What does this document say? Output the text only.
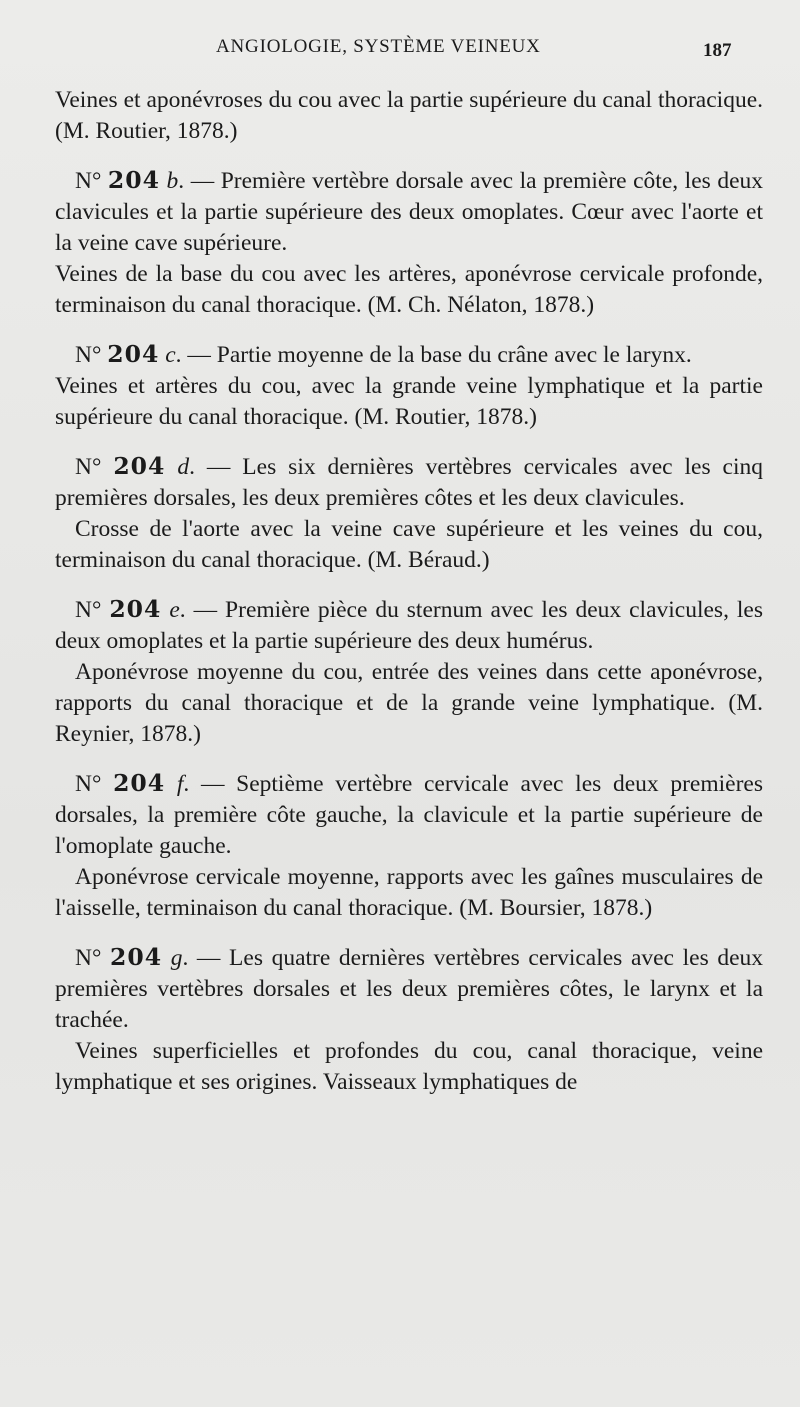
ANGIOLOGIE, SYSTÈME VEINEUX	187

Veines et aponévroses du cou avec la partie supérieure du canal thoracique. (M. Routier, 1878.)

N° 204 b. — Première vertèbre dorsale avec la première côte, les deux clavicules et la partie supérieure des deux omoplates. Cœur avec l'aorte et la veine cave supérieure.

Veines de la base du cou avec les artères, aponévrose cervicale profonde, terminaison du canal thoracique. (M. Ch. Nélaton, 1878.)

N° 204 c. — Partie moyenne de la base du crâne avec le larynx.

Veines et artères du cou, avec la grande veine lymphatique et la partie supérieure du canal thoracique. (M. Routier, 1878.)

N° 204 d. — Les six dernières vertèbres cervicales avec les cinq premières dorsales, les deux premières côtes et les deux clavicules.

Crosse de l'aorte avec la veine cave supérieure et les veines du cou, terminaison du canal thoracique. (M. Béraud.)

N° 204 e. — Première pièce du sternum avec les deux clavicules, les deux omoplates et la partie supérieure des deux humérus.

Aponévrose moyenne du cou, entrée des veines dans cette aponévrose, rapports du canal thoracique et de la grande veine lymphatique. (M. Reynier, 1878.)

N° 204 f. — Septième vertèbre cervicale avec les deux premières dorsales, la première côte gauche, la clavicule et la partie supérieure de l'omoplate gauche.

Aponévrose cervicale moyenne, rapports avec les gaînes musculaires de l'aisselle, terminaison du canal thoracique. (M. Boursier, 1878.)

N° 204 g. — Les quatre dernières vertèbres cervicales avec les deux premières vertèbres dorsales et les deux premières côtes, le larynx et la trachée.

Veines superficielles et profondes du cou, canal thoracique, veine lymphatique et ses origines. Vaisseaux lymphatiques de
